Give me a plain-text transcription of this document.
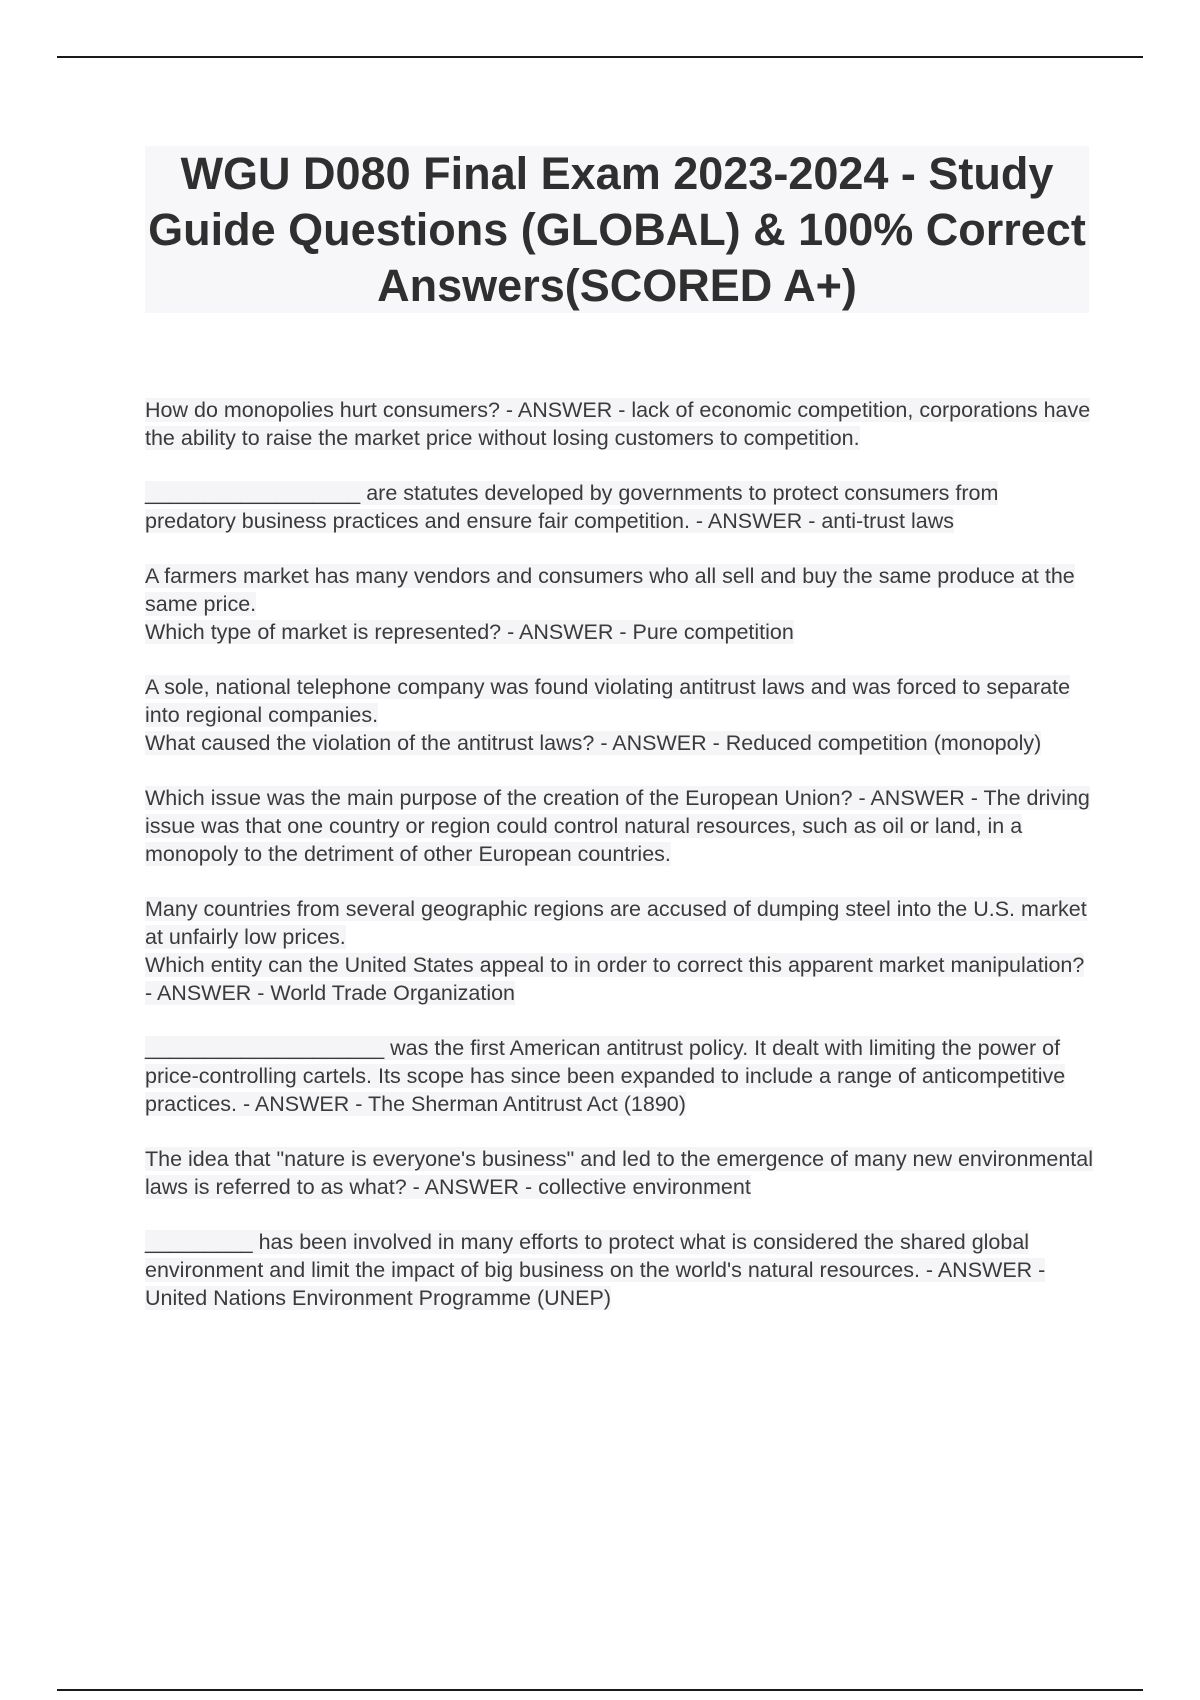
WGU D080 Final Exam 2023-2024 - Study Guide Questions (GLOBAL) & 100% Correct Answers(SCORED A+)
How do monopolies hurt consumers? - ANSWER - lack of economic competition, corporations have the ability to raise the market price without losing customers to competition.
__________________ are statutes developed by governments to protect consumers from predatory business practices and ensure fair competition. - ANSWER - anti-trust laws
A farmers market has many vendors and consumers who all sell and buy the same produce at the same price.
Which type of market is represented? - ANSWER - Pure competition
A sole, national telephone company was found violating antitrust laws and was forced to separate into regional companies.
What caused the violation of the antitrust laws? - ANSWER - Reduced competition (monopoly)
Which issue was the main purpose of the creation of the European Union? - ANSWER - The driving issue was that one country or region could control natural resources, such as oil or land, in a monopoly to the detriment of other European countries.
Many countries from several geographic regions are accused of dumping steel into the U.S. market at unfairly low prices.
Which entity can the United States appeal to in order to correct this apparent market manipulation? - ANSWER - World Trade Organization
____________________ was the first American antitrust policy. It dealt with limiting the power of price-controlling cartels. Its scope has since been expanded to include a range of anticompetitive practices. - ANSWER - The Sherman Antitrust Act (1890)
The idea that "nature is everyone's business" and led to the emergence of many new environmental laws is referred to as what? - ANSWER - collective environment
_________ has been involved in many efforts to protect what is considered the shared global environment and limit the impact of big business on the world's natural resources. - ANSWER - United Nations Environment Programme (UNEP)
